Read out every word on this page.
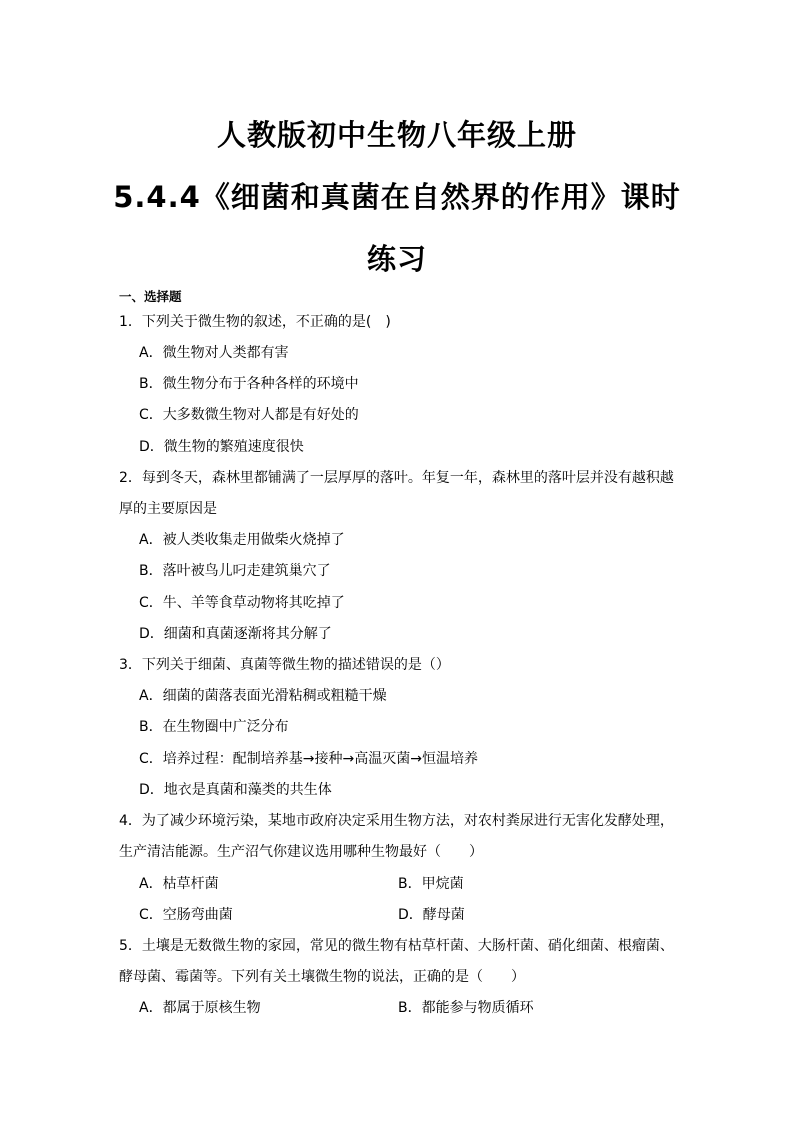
人教版初中生物八年级上册
5.4.4《细菌和真菌在自然界的作用》课时
练习
一、选择题
1．下列关于微生物的叙述，不正确的是(　)
A．微生物对人类都有害
B．微生物分布于各种各样的环境中
C．大多数微生物对人都是有好处的
D．微生物的繁殖速度很快
2．每到冬天，森林里都铺满了一层厚厚的落叶。年复一年，森林里的落叶层并没有越积越
厚的主要原因是
A．被人类收集走用做柴火烧掉了
B．落叶被鸟儿叼走建筑巢穴了
C．牛、羊等食草动物将其吃掉了
D．细菌和真菌逐渐将其分解了
3．下列关于细菌、真菌等微生物的描述错误的是（）
A．细菌的菌落表面光滑粘稠或粗糙干燥
B．在生物圈中广泛分布
C．培养过程：配制培养基→接种→高温灭菌→恒温培养
D．地衣是真菌和藻类的共生体
4．为了减少环境污染，某地市政府决定采用生物方法，对农村粪尿进行无害化发酵处理，
生产清洁能源。生产沼气你建议选用哪种生物最好（　　）
A．枯草杆菌	B．甲烷菌
C．空肠弯曲菌	D．酵母菌
5．土壤是无数微生物的家园，常见的微生物有枯草杆菌、大肠杆菌、硝化细菌、根瘤菌、
酵母菌、霉菌等。下列有关土壤微生物的说法，正确的是（　　）
A．都属于原核生物	B．都能参与物质循环
